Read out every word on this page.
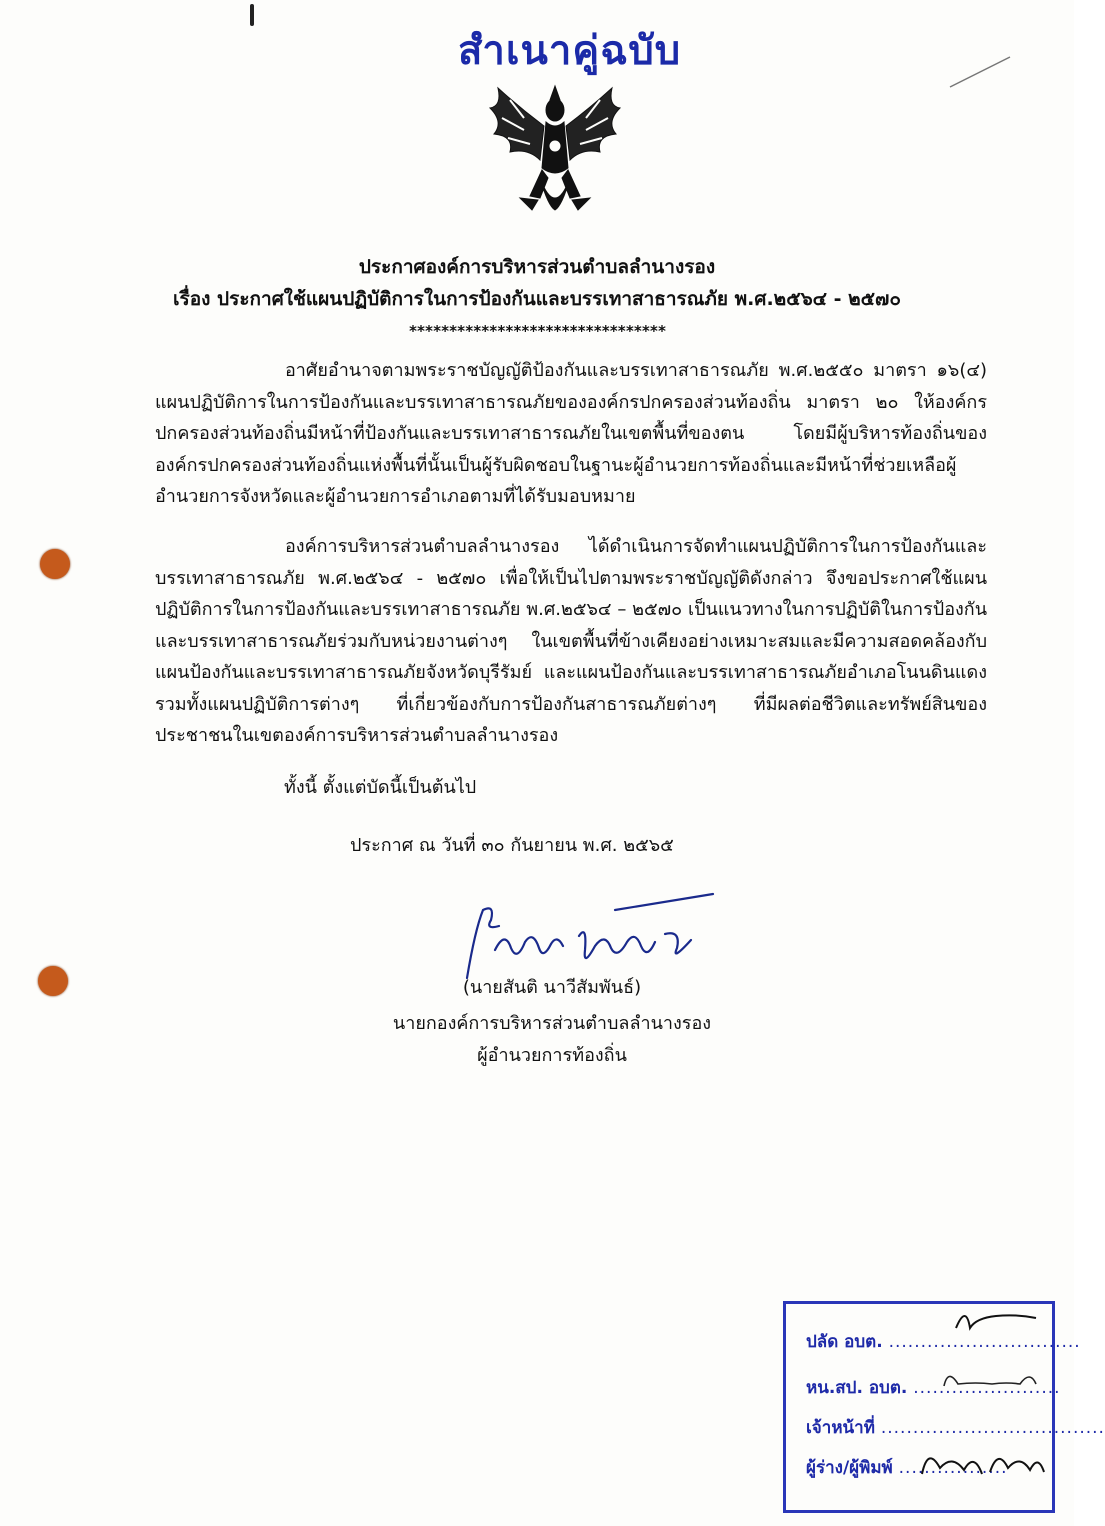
สำเนาคู่ฉบับ
ประกาศองค์การบริหารส่วนตำบลลำนางรอง
เรื่อง ประกาศใช้แผนปฏิบัติการในการป้องกันและบรรเทาสาธารณภัย พ.ศ.๒๕๖๔ - ๒๕๗๐
********************************

อาศัยอำนาจตามพระราชบัญญัติป้องกันและบรรเทาสาธารณภัย พ.ศ.๒๕๕๐ มาตรา ๑๖(๔) แผนปฏิบัติการในการป้องกันและบรรเทาสาธารณภัยขององค์กรปกครองส่วนท้องถิ่น มาตรา ๒๐ ให้องค์กรปกครองส่วนท้องถิ่นมีหน้าที่ป้องกันและบรรเทาสาธารณภัยในเขตพื้นที่ของตน โดยมีผู้บริหารท้องถิ่นขององค์กรปกครองส่วนท้องถิ่นแห่งพื้นที่นั้นเป็นผู้รับผิดชอบในฐานะผู้อำนวยการท้องถิ่นและมีหน้าที่ช่วยเหลือผู้อำนวยการจังหวัดและผู้อำนวยการอำเภอตามที่ได้รับมอบหมาย

องค์การบริหารส่วนตำบลลำนางรอง ได้ดำเนินการจัดทำแผนปฏิบัติการในการป้องกันและบรรเทาสาธารณภัย พ.ศ.๒๕๖๔ - ๒๕๗๐ เพื่อให้เป็นไปตามพระราชบัญญัติดังกล่าว จึงขอประกาศใช้แผนปฏิบัติการในการป้องกันและบรรเทาสาธารณภัย พ.ศ.๒๕๖๔ – ๒๕๗๐ เป็นแนวทางในการปฏิบัติในการป้องกันและบรรเทาสาธารณภัยร่วมกับหน่วยงานต่างๆ ในเขตพื้นที่ข้างเคียงอย่างเหมาะสมและมีความสอดคล้องกับแผนป้องกันและบรรเทาสาธารณภัยจังหวัดบุรีรัมย์ และแผนป้องกันและบรรเทาสาธารณภัยอำเภอโนนดินแดง รวมทั้งแผนปฏิบัติการต่างๆ ที่เกี่ยวข้องกับการป้องกันสาธารณภัยต่างๆ ที่มีผลต่อชีวิตและทรัพย์สินของประชาชนในเขตองค์การบริหารส่วนตำบลลำนางรอง

ทั้งนี้ ตั้งแต่บัดนี้เป็นต้นไป
ประกาศ ณ วันที่ ๓๐ กันยายน พ.ศ. ๒๕๖๕
(นายสันติ นาวีสัมพันธ์)
นายกองค์การบริหารส่วนตำบลลำนางรอง
ผู้อำนวยการท้องถิ่น
ปลัด อบต. ..............................
หน.สป. อบต. .......................
เจ้าหน้าที่ ...................................
ผู้ร่าง/ผู้พิมพ์ .................
